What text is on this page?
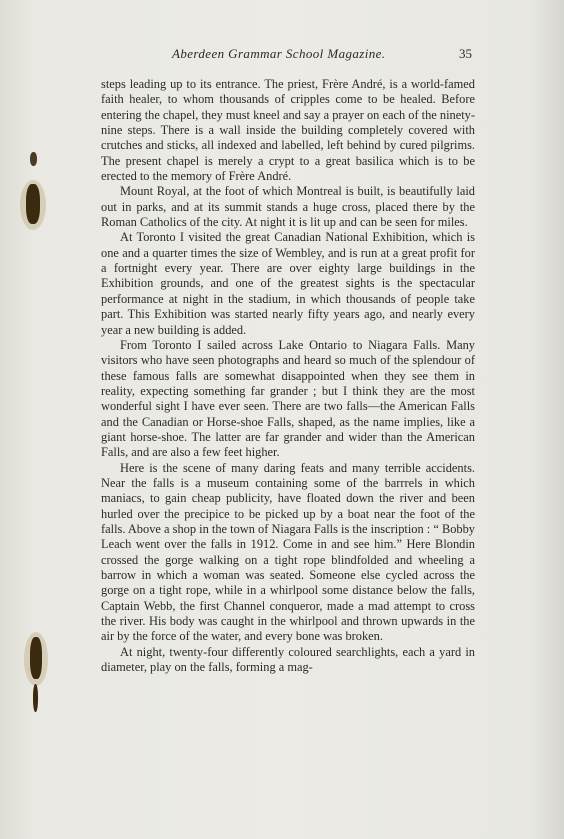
Aberdeen Grammar School Magazine.	35

steps leading up to its entrance. The priest, Frère André, is a world-famed faith healer, to whom thousands of cripples come to be healed. Before entering the chapel, they must kneel and say a prayer on each of the ninety-nine steps. There is a wall inside the building completely covered with crutches and sticks, all indexed and labelled, left behind by cured pilgrims. The present chapel is merely a crypt to a great basilica which is to be erected to the memory of Frère André.

Mount Royal, at the foot of which Montreal is built, is beautifully laid out in parks, and at its summit stands a huge cross, placed there by the Roman Catholics of the city. At night it is lit up and can be seen for miles.

At Toronto I visited the great Canadian National Exhibition, which is one and a quarter times the size of Wembley, and is run at a great profit for a fortnight every year. There are over eighty large buildings in the Exhibition grounds, and one of the greatest sights is the spectacular performance at night in the stadium, in which thousands of people take part. This Exhibition was started nearly fifty years ago, and nearly every year a new building is added.

From Toronto I sailed across Lake Ontario to Niagara Falls. Many visitors who have seen photographs and heard so much of the splendour of these famous falls are somewhat disappointed when they see them in reality, expecting something far grander ; but I think they are the most wonderful sight I have ever seen. There are two falls—the American Falls and the Canadian or Horse-shoe Falls, shaped, as the name implies, like a giant horse-shoe. The latter are far grander and wider than the American Falls, and are also a few feet higher.

Here is the scene of many daring feats and many terrible accidents. Near the falls is a museum containing some of the barrrels in which maniacs, to gain cheap publicity, have floated down the river and been hurled over the precipice to be picked up by a boat near the foot of the falls. Above a shop in the town of Niagara Falls is the inscription : “ Bobby Leach went over the falls in 1912. Come in and see him.” Here Blondin crossed the gorge walking on a tight rope blindfolded and wheeling a barrow in which a woman was seated. Someone else cycled across the gorge on a tight rope, while in a whirlpool some distance below the falls, Captain Webb, the first Channel conqueror, made a mad attempt to cross the river. His body was caught in the whirlpool and thrown upwards in the air by the force of the water, and every bone was broken.

At night, twenty-four differently coloured searchlights, each a yard in diameter, play on the falls, forming a mag-
